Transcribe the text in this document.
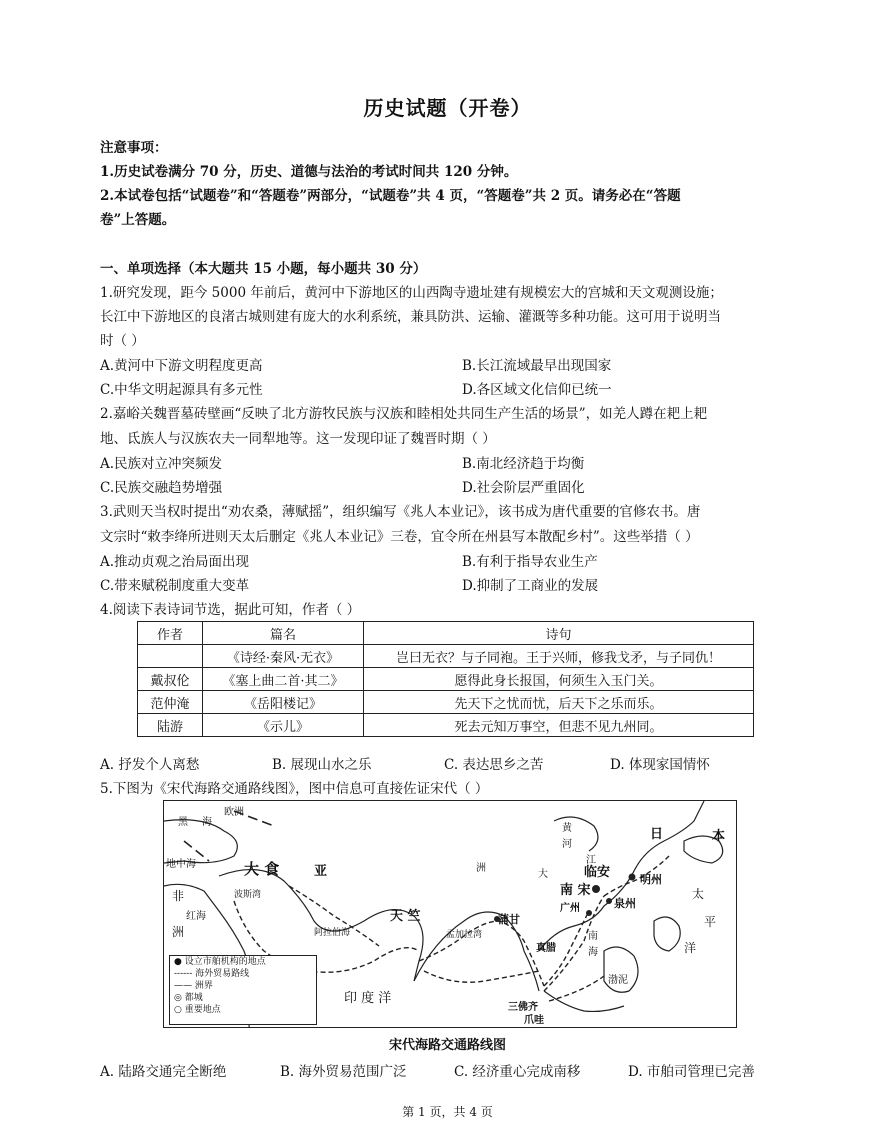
历史试题（开卷）
注意事项：
1.历史试卷满分 70 分，历史、道德与法治的考试时间共 120 分钟。
2.本试卷包括“试题卷”和“答题卷”两部分，“试题卷”共 4 页，“答题卷”共 2 页。请务必在“答题
卷”上答题。
一、单项选择（本大题共 15 小题，每小题共 30 分）
1.研究发现，距今 5000 年前后，黄河中下游地区的山西陶寺遗址建有规模宏大的宫城和天文观测设施；
长江中下游地区的良渚古城则建有庞大的水利系统，兼具防洪、运输、灌溉等多种功能。这可用于说明当
时（ ）
A.黄河中下游文明程度更高	B.长江流域最早出现国家
C.中华文明起源具有多元性	D.各区域文化信仰已统一
2.嘉峪关魏晋墓砖壁画“反映了北方游牧民族与汉族和睦相处共同生产生活的场景”，如羌人蹲在耙上耙
地、氐族人与汉族农夫一同犁地等。这一发现印证了魏晋时期（ ）
A.民族对立冲突频发	B.南北经济趋于均衡
C.民族交融趋势增强	D.社会阶层严重固化
3.武则天当权时提出“劝农桑，薄赋摇”，组织编写《兆人本业记》，该书成为唐代重要的官修农书。唐
文宗时“敕李绛所进则天太后删定《兆人本业记》三卷，宜令所在州县写本散配乡村”。这些举措（ ）
A.推动贞观之治局面出现	B.有利于指导农业生产
C.带来赋税制度重大变革	D.抑制了工商业的发展
4.阅读下表诗词节选，据此可知，作者（ ）
作者	篇名	诗句
	《诗经·秦风·无衣》	岂曰无衣？与子同袍。王于兴师，修我戈矛，与子同仇！
戴叔伦	《塞上曲二首·其二》	愿得此身长报国，何须生入玉门关。
范仲淹	《岳阳楼记》	先天下之忧而忧，后天下之乐而乐。
陆游	《示儿》	死去元知万事空，但悲不见九州同。
A. 抒发个人离愁	B. 展现山水之乐	C. 表达思乡之苦	D. 体现家国情怀
5.下图为《宋代海路交通路线图》，图中信息可直接佐证宋代（ ）
欧洲
黑 海
地中海	大 食	亚
非
洲
红海
波斯湾
天 竺
阿拉伯海	孟加拉湾
蒲甘
真腊
印 度 洋
三佛齐
爪哇
渤泥
临安
南 宋
明州
广州	泉州
日	本
太
平
洋
黄
河
江
洲
大
南
海
● 设立市舶机构的地点
------ 海外贸易路线
—— 洲界
◎ 都城
○ 重要地点
宋代海路交通路线图
A. 陆路交通完全断绝	B. 海外贸易范围广泛	C. 经济重心完成南移	D. 市舶司管理已完善
第 1 页，共 4 页
